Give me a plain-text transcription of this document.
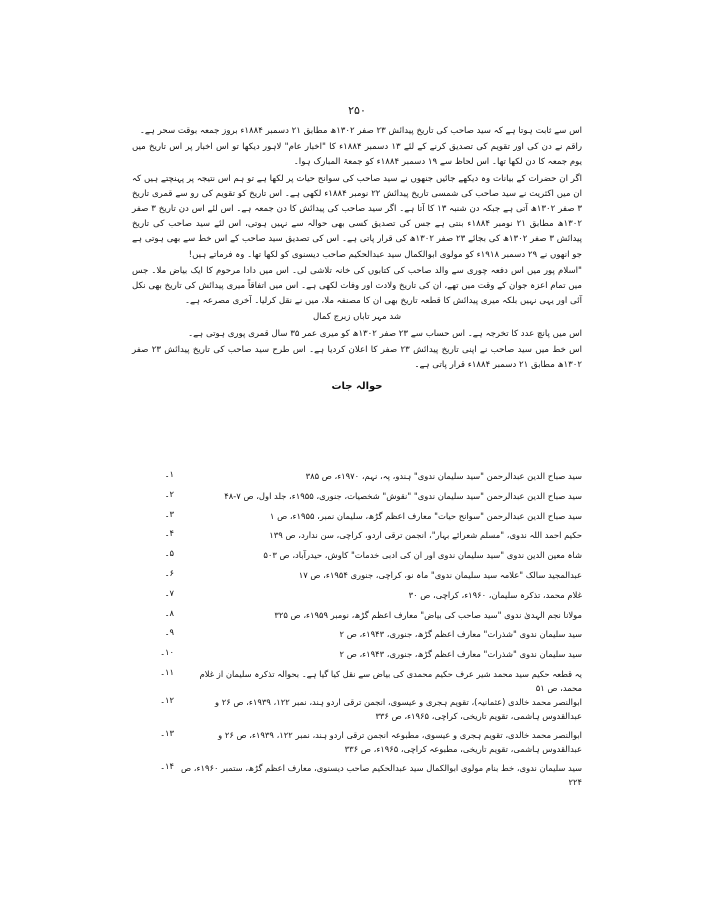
۲۵۰

اس سے ثابت ہوتا ہے کہ سید صاحب کی تاریخ پیدائش ۲۳ صفر ۱۳۰۲ھ مطابق ۲۱ دسمبر ۱۸۸۴ء بروز جمعہ بوقت سحر ہے۔

راقم نے دن کی اور تقویم کی تصدیق کرنے کے لئے ۱۳ دسمبر ۱۸۸۴ء کا "اخبار عام" لاہور دیکھا تو اس اخبار پر اس تاریخ میں یوم جمعہ کا دن لکھا تھا۔ اس لحاظ سے ۱۹ دسمبر ۱۸۸۴ء کو جمعۃ المبارک ہوا۔

اگر ان حضرات کے بیانات وہ دیکھے جائیں جنھوں نے سید صاحب کی سوانح حیات پر لکھا ہے تو ہم اس نتیجہ پر پہنچتے ہیں کہ ان میں اکثریت نے سید صاحب کی شمسی تاریخ پیدائش ۲۲ نومبر ۱۸۸۴ء لکھی ہے۔ اس تاریخ کو تقویم کی رو سے قمری تاریخ ۳ صفر ۱۳۰۲ھ آتی ہے جبکہ دن شنبہ ۱۳ کا آتا ہے۔ اگر سید صاحب کی پیدائش کا دن جمعہ ہے۔ اس لئے اس دن تاریخ ۳ صفر ۱۳۰۲ھ مطابق ۲۱ نومبر ۱۸۸۴ء بنتی ہے جس کی تصدیق کسی بھی حوالہ سے نہیں ہوتی، اس لئے سید صاحب کی تاریخ پیدائش ۳ صفر ۱۳۰۲ھ کی بجائے ۲۳ صفر ۱۳۰۲ھ کی قرار پاتی ہے۔ اس کی تصدیق سید صاحب کے اس خط سے بھی ہوتی ہے جو انھوں نے ۲۹ دسمبر ۱۹۱۸ء کو مولوی ابوالکمال سید عبدالحکیم صاحب دیسنوی کو لکھا تھا۔ وہ فرماتے ہیں!

"اسلام پور میں اس دفعہ چوری سے والد صاحب کی کتابوں کی خانہ تلاشی لی۔ اس میں دادا مرحوم کا ایک بیاض ملا۔ جس میں تمام اعزہ جوان کے وقت میں تھے، ان کی تاریخ ولادت اور وفات لکھی ہے۔ اس میں اتفاقاً میری پیدائش کی تاریخ بھی نکل آئی اور یہی نہیں بلکہ میری پیدائش کا قطعہ تاریخ بھی ان کا مصنفہ ملا، میں نے نقل کرلیا۔ آخری مصرعہ ہے۔

شد مہر تاباں زبرج کمال

اس میں پانچ عدد کا تخرجہ ہے۔ اس حساب سے ۲۳ صفر ۱۳۰۲ھ کو میری عمر ۳۵ سال قمری پوری ہوتی ہے۔

اس خط میں سید صاحب نے اپنی تاریخ پیدائش ۲۳ صفر کا اعلان کردیا ہے۔ اس طرح سید صاحب کی تاریخ پیدائش ۲۳ صفر ۱۳۰۲ھ مطابق ۲۱ دسمبر ۱۸۸۴ء قرار پاتی ہے۔

حوالہ جات
سید صباح الدین عبدالرحمن "سید سلیمان ندوی" ہندو، پہ، نہم، ۱۹۷۰ء، ص ۳۸۵
۱۔
سید صباح الدین عبدالرحمن "سید سلیمان ندوی" "نقوش" شخصیات، جنوری، ۱۹۵۵ء، جلد اول، ص ۷-۴۸
۲۔
سید صباح الدین عبدالرحمن "سوانح حیات" معارف اعظم گڑھ، سلیمان نمبر، ۱۹۵۵ء، ص ۱
۳۔
حکیم احمد اللہ ندوی، "مسلم شعرائے بہار"، انجمن ترقی اردو، کراچی، سن ندارد، ص ۱۳۹
۴۔
شاہ معین الدین ندوی "سید سلیمان ندوی اور ان کی ادبی خدمات" کاوش، حیدرآباد، ص ۵۰۳
۵۔
عبدالمجید سالک "علامہ سید سلیمان ندوی" ماہ نو، کراچی، جنوری ۱۹۵۴ء، ص ۱۷
۶۔
غلام محمد، تذکرہ سلیمان، ۱۹۶۰ء، کراچی، ص ۳۰
۷۔
مولانا نجم الہدیٰ ندوی "سید صاحب کی بیاض" معارف اعظم گڑھ، نومبر ۱۹۵۹ء، ص ۳۲۵
۸۔
سید سلیمان ندوی "شذرات" معارف اعظم گڑھ، جنوری، ۱۹۴۳ء، ص ۲
۹۔
سید سلیمان ندوی "شذرات" معارف اعظم گڑھ، جنوری، ۱۹۴۳ء، ص ۲
۱۰۔
یہ قطعہ حکیم سید محمد شیر عرف حکیم محمدی کی بیاض سے نقل کیا گیا ہے۔ بحوالہ تذکرہ سلیمان از غلام محمد، ص ۵۱
۱۱۔
ابوالنصر محمد خالدی (عثمانیہ)، تقویم ہجری و عیسوی، انجمن ترقی اردو ہند، نمبر ۱۲۲، ۱۹۳۹ء، ص ۲۶ و عبدالقدوس ہاشمی، تقویم تاریخی، کراچی، ۱۹۶۵ء، ص ۳۳۶
۱۲۔
ابوالنصر محمد خالدی، تقویم ہجری و عیسوی، مطبوعہ انجمن ترقی اردو ہند، نمبر ۱۲۲، ۱۹۳۹ء، ص ۲۶ و عبدالقدوس ہاشمی، تقویم تاریخی، مطبوعہ کراچی، ۱۹۶۵ء، ص ۳۳۶
۱۳۔
سید سلیمان ندوی، خط بنام مولوی ابوالکمال سید عبدالحکیم صاحب دیسنوی، معارف اعظم گڑھ، ستمبر ۱۹۶۰ء، ص ۲۲۴
۱۴۔
